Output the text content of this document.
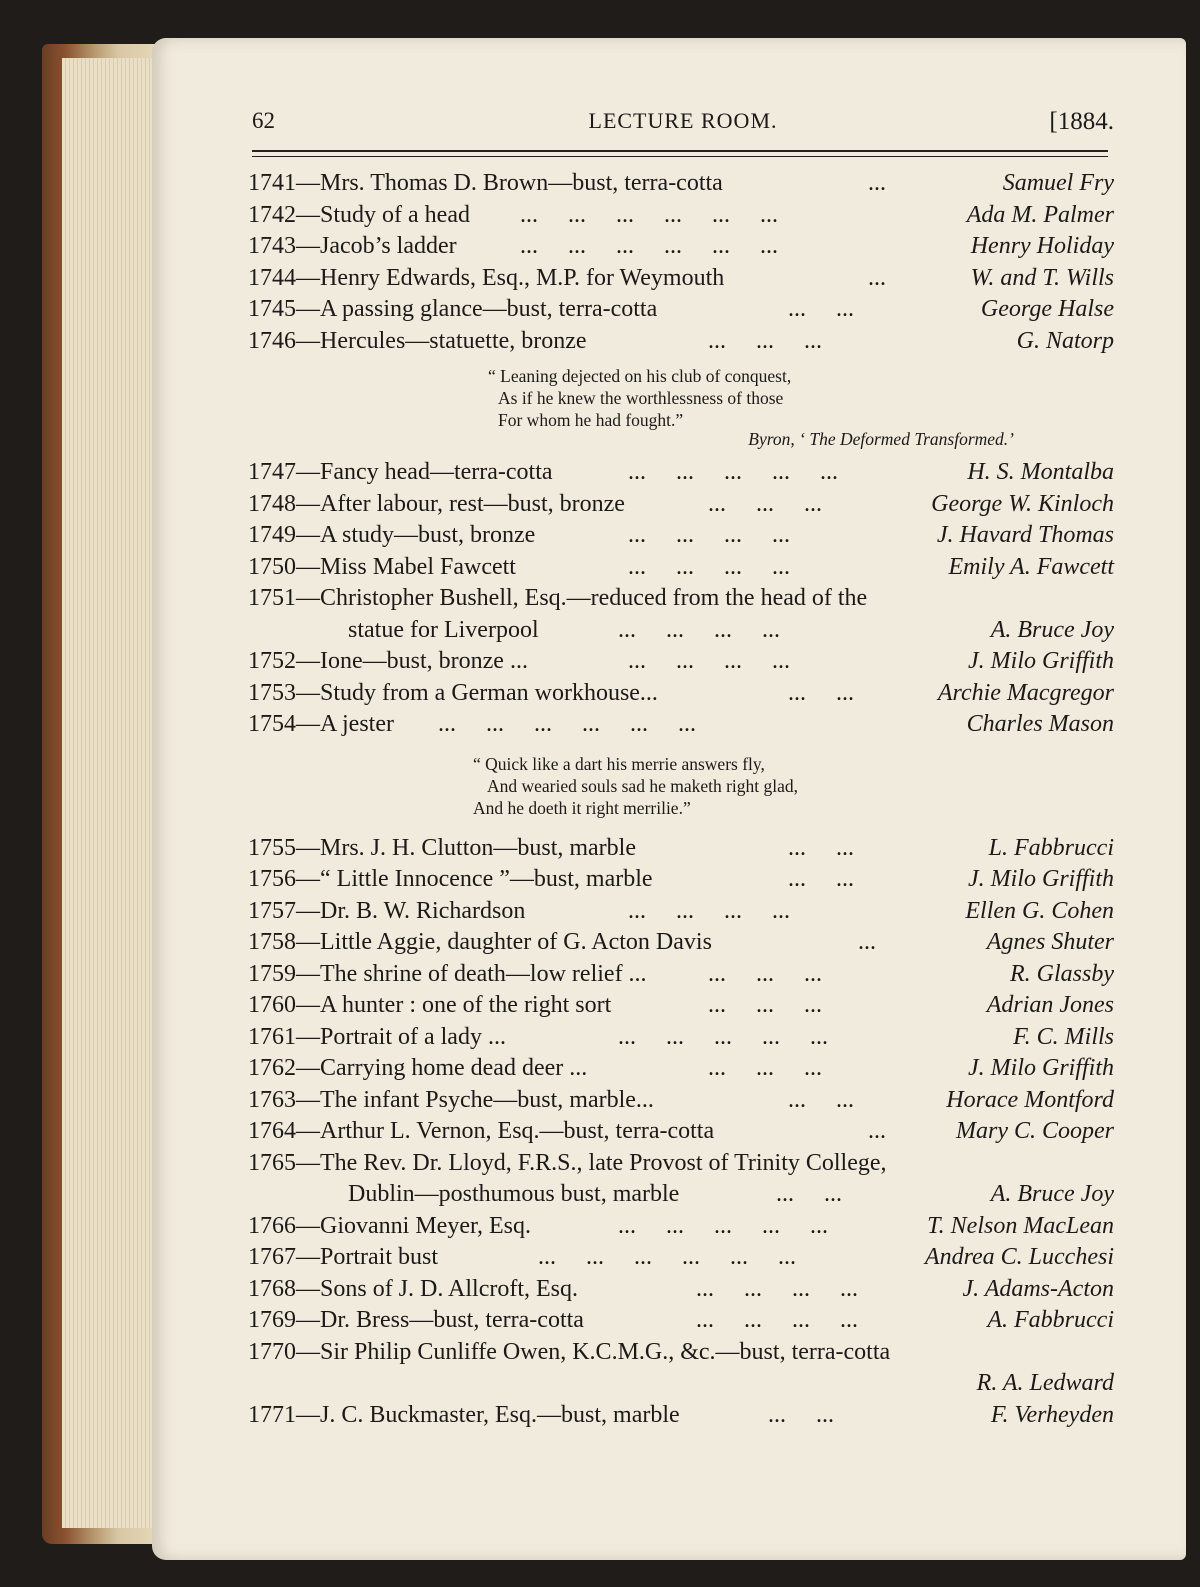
62	LECTURE ROOM.	[1884.
1741—Mrs. Thomas D. Brown—bust, terra-cotta	...	Samuel Fry
1742—Study of a head ...     ...     ...     ...     ...     ...	Ada M. Palmer
1743—Jacob’s ladder	...     ...     ...     ...     ...     ...	Henry Holiday
1744—Henry Edwards, Esq., M.P. for Weymouth	...	W. and T. Wills
1745—A passing glance—bust, terra-cotta	...     ...	George Halse
1746—Hercules—statuette, bronze	...     ...     ...	G. Natorp
“ Leaning dejected on his club of conquest,
As if he knew the worthlessness of those
For whom he had fought.”
Byron, ‘ The Deformed Transformed.’
1747—Fancy head—terra-cotta	...     ...     ...     ...     ...	H. S. Montalba
1748—After labour, rest—bust, bronze	...     ...     ...	George W. Kinloch
1749—A study—bust, bronze	...     ...     ...     ...	J. Havard Thomas
1750—Miss Mabel Fawcett	...     ...     ...     ...	Emily A. Fawcett
1751—Christopher Bushell, Esq.—reduced from the head of the
statue for Liverpool	...     ...     ...     ...	A. Bruce Joy
1752—Ione—bust, bronze ...	...     ...     ...     ...	J. Milo Griffith
1753—Study from a German workhouse...	...     ...	Archie Macgregor
1754—A jester ...     ...     ...     ...     ...     ...	Charles Mason
“ Quick like a dart his merrie answers fly,
And wearied souls sad he maketh right glad,
And he doeth it right merrilie.”
1755—Mrs. J. H. Clutton—bust, marble	...     ...	L. Fabbrucci
1756—“ Little Innocence ”—bust, marble	...     ...	J. Milo Griffith
1757—Dr. B. W. Richardson	...     ...     ...     ...	Ellen G. Cohen
1758—Little Aggie, daughter of G. Acton Davis	...	Agnes Shuter
1759—The shrine of death—low relief ...	...     ...     ...	R. Glassby
1760—A hunter : one of the right sort	...     ...     ...	Adrian Jones
1761—Portrait of a lady ...	...     ...     ...     ...     ...	F. C. Mills
1762—Carrying home dead deer ...	...     ...     ...	J. Milo Griffith
1763—The infant Psyche—bust, marble...	...     ...	Horace Montford
1764—Arthur L. Vernon, Esq.—bust, terra-cotta	...	Mary C. Cooper
1765—The Rev. Dr. Lloyd, F.R.S., late Provost of Trinity College,
Dublin—posthumous bust, marble	...     ...	A. Bruce Joy
1766—Giovanni Meyer, Esq.	...     ...     ...     ...     ...	T. Nelson MacLean
1767—Portrait bust	...     ...     ...     ...     ...     ...	Andrea C. Lucchesi
1768—Sons of J. D. Allcroft, Esq.	...     ...     ...     ...	J. Adams-Acton
1769—Dr. Bress—bust, terra-cotta	...     ...     ...     ...	A. Fabbrucci
1770—Sir Philip Cunliffe Owen, K.C.M.G., &c.—bust, terra-cotta
R. A. Ledward
1771—J. C. Buckmaster, Esq.—bust, marble	...     ...	F. Verheyden
